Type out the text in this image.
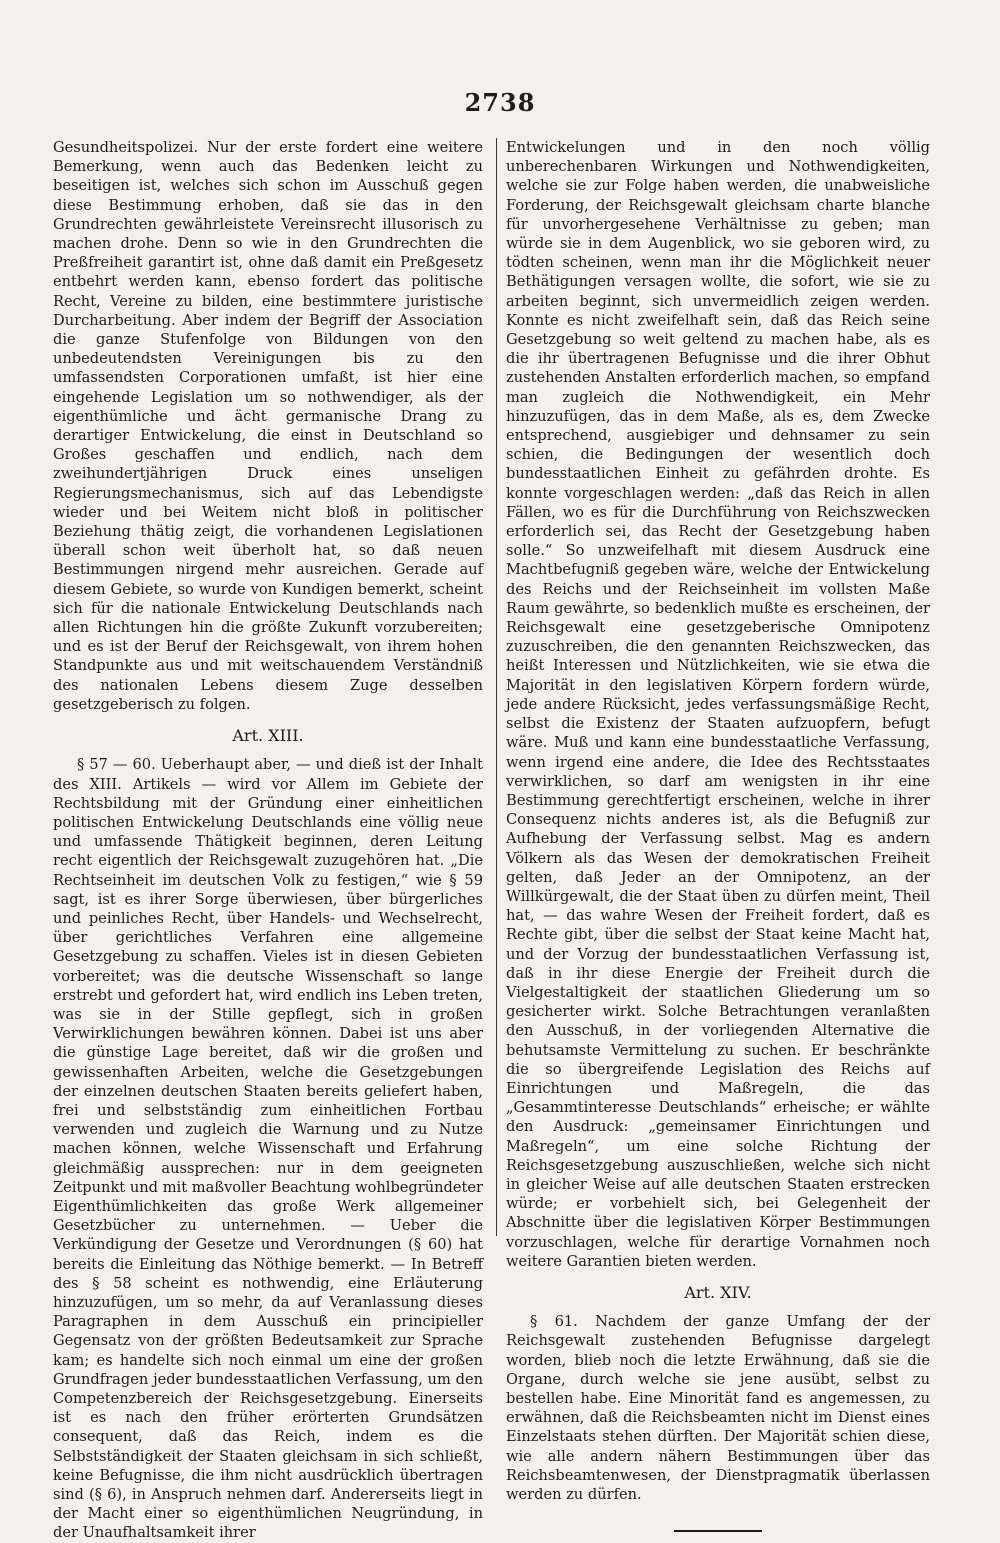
2738

Gesundheitspolizei. Nur der erste fordert eine weitere Bemerkung, wenn auch das Bedenken leicht zu beseitigen ist, welches sich schon im Ausschuß gegen diese Bestimmung erhoben, daß sie das in den Grundrechten gewährleistete Vereinsrecht illusorisch zu machen drohe. Denn so wie in den Grundrechten die Preßfreiheit garantirt ist, ohne daß damit ein Preßgesetz entbehrt werden kann, ebenso fordert das politische Recht, Vereine zu bilden, eine bestimmtere juristische Durcharbeitung. Aber indem der Begriff der Association die ganze Stufenfolge von Bildungen von den unbedeutendsten Vereinigungen bis zu den umfassendsten Corporationen umfaßt, ist hier eine eingehende Legislation um so nothwendiger, als der eigenthümliche und ächt germanische Drang zu derartiger Entwickelung, die einst in Deutschland so Großes geschaffen und endlich, nach dem zweihundertjährigen Druck eines unseligen Regierungsmechanismus, sich auf das Lebendigste wieder und bei Weitem nicht bloß in politischer Beziehung thätig zeigt, die vorhandenen Legislationen überall schon weit überholt hat, so daß neuen Bestimmungen nirgend mehr ausreichen. Gerade auf diesem Gebiete, so wurde von Kundigen bemerkt, scheint sich für die nationale Entwickelung Deutschlands nach allen Richtungen hin die größte Zukunft vorzubereiten; und es ist der Beruf der Reichsgewalt, von ihrem hohen Standpunkte aus und mit weitschauendem Verständniß des nationalen Lebens diesem Zuge desselben gesetzgeberisch zu folgen.

Art. XIII.

§ 57 — 60. Ueberhaupt aber, — und dieß ist der Inhalt des XIII. Artikels — wird vor Allem im Gebiete der Rechtsbildung mit der Gründung einer einheitlichen politischen Entwickelung Deutschlands eine völlig neue und umfassende Thätigkeit beginnen, deren Leitung recht eigentlich der Reichsgewalt zuzugehören hat. „Die Rechtseinheit im deutschen Volk zu festigen,“ wie § 59 sagt, ist es ihrer Sorge überwiesen, über bürgerliches und peinliches Recht, über Handels- und Wechselrecht, über gerichtliches Verfahren eine allgemeine Gesetzgebung zu schaffen. Vieles ist in diesen Gebieten vorbereitet; was die deutsche Wissenschaft so lange erstrebt und gefordert hat, wird endlich ins Leben treten, was sie in der Stille gepflegt, sich in großen Verwirklichungen bewähren können. Dabei ist uns aber die günstige Lage bereitet, daß wir die großen und gewissenhaften Arbeiten, welche die Gesetzgebungen der einzelnen deutschen Staaten bereits geliefert haben, frei und selbstständig zum einheitlichen Fortbau verwenden und zugleich die Warnung und zu Nutze machen können, welche Wissenschaft und Erfahrung gleichmäßig aussprechen: nur in dem geeigneten Zeitpunkt und mit maßvoller Beachtung wohlbegründeter Eigenthümlichkeiten das große Werk allgemeiner Gesetzbücher zu unternehmen. — Ueber die Verkündigung der Gesetze und Verordnungen (§ 60) hat bereits die Einleitung das Nöthige bemerkt. — In Betreff des § 58 scheint es nothwendig, eine Erläuterung hinzuzufügen, um so mehr, da auf Veranlassung dieses Paragraphen in dem Ausschuß ein principieller Gegensatz von der größten Bedeutsamkeit zur Sprache kam; es handelte sich noch einmal um eine der großen Grundfragen jeder bundesstaatlichen Verfassung, um den Competenzbereich der Reichsgesetzgebung. Einerseits ist es nach den früher erörterten Grundsätzen consequent, daß das Reich, indem es die Selbstständigkeit der Staaten gleichsam in sich schließt, keine Befugnisse, die ihm nicht ausdrücklich übertragen sind (§ 6), in Anspruch nehmen darf. Andererseits liegt in der Macht einer so eigenthümlichen Neugründung, in der Unaufhaltsamkeit ihrer

Entwickelungen und in den noch völlig unberechenbaren Wirkungen und Nothwendigkeiten, welche sie zur Folge haben werden, die unabweisliche Forderung, der Reichsgewalt gleichsam charte blanche für unvorhergesehene Verhältnisse zu geben; man würde sie in dem Augenblick, wo sie geboren wird, zu tödten scheinen, wenn man ihr die Möglichkeit neuer Bethätigungen versagen wollte, die sofort, wie sie zu arbeiten beginnt, sich unvermeidlich zeigen werden. Konnte es nicht zweifelhaft sein, daß das Reich seine Gesetzgebung so weit geltend zu machen habe, als es die ihr übertragenen Befugnisse und die ihrer Obhut zustehenden Anstalten erforderlich machen, so empfand man zugleich die Nothwendigkeit, ein Mehr hinzuzufügen, das in dem Maße, als es, dem Zwecke entsprechend, ausgiebiger und dehnsamer zu sein schien, die Bedingungen der wesentlich doch bundesstaatlichen Einheit zu gefährden drohte. Es konnte vorgeschlagen werden: „daß das Reich in allen Fällen, wo es für die Durchführung von Reichszwecken erforderlich sei, das Recht der Gesetzgebung haben solle.“ So unzweifelhaft mit diesem Ausdruck eine Machtbefugniß gegeben wäre, welche der Entwickelung des Reichs und der Reichseinheit im vollsten Maße Raum gewährte, so bedenklich mußte es erscheinen, der Reichsgewalt eine gesetzgeberische Omnipotenz zuzuschreiben, die den genannten Reichszwecken, das heißt Interessen und Nützlichkeiten, wie sie etwa die Majorität in den legislativen Körpern fordern würde, jede andere Rücksicht, jedes verfassungsmäßige Recht, selbst die Existenz der Staaten aufzuopfern, befugt wäre. Muß und kann eine bundesstaatliche Verfassung, wenn irgend eine andere, die Idee des Rechtsstaates verwirklichen, so darf am wenigsten in ihr eine Bestimmung gerechtfertigt erscheinen, welche in ihrer Consequenz nichts anderes ist, als die Befugniß zur Aufhebung der Verfassung selbst. Mag es andern Völkern als das Wesen der demokratischen Freiheit gelten, daß Jeder an der Omnipotenz, an der Willkürgewalt, die der Staat üben zu dürfen meint, Theil hat, — das wahre Wesen der Freiheit fordert, daß es Rechte gibt, über die selbst der Staat keine Macht hat, und der Vorzug der bundesstaatlichen Verfassung ist, daß in ihr diese Energie der Freiheit durch die Vielgestaltigkeit der staatlichen Gliederung um so gesicherter wirkt. Solche Betrachtungen veranlaßten den Ausschuß, in der vorliegenden Alternative die behutsamste Vermittelung zu suchen. Er beschränkte die so übergreifende Legislation des Reichs auf Einrichtungen und Maßregeln, die das „Gesammtinteresse Deutschlands“ erheische; er wählte den Ausdruck: „gemeinsamer Einrichtungen und Maßregeln“, um eine solche Richtung der Reichsgesetzgebung auszuschließen, welche sich nicht in gleicher Weise auf alle deutschen Staaten erstrecken würde; er vorbehielt sich, bei Gelegenheit der Abschnitte über die legislativen Körper Bestimmungen vorzuschlagen, welche für derartige Vornahmen noch weitere Garantien bieten werden.

Art. XIV.

§ 61. Nachdem der ganze Umfang der der Reichsgewalt zustehenden Befugnisse dargelegt worden, blieb noch die letzte Erwähnung, daß sie die Organe, durch welche sie jene ausübt, selbst zu bestellen habe. Eine Minorität fand es angemessen, zu erwähnen, daß die Reichsbeamten nicht im Dienst eines Einzelstaats stehen dürften. Der Majorität schien diese, wie alle andern nähern Bestimmungen über das Reichsbeamtenwesen, der Dienstpragmatik überlassen werden zu dürfen.
